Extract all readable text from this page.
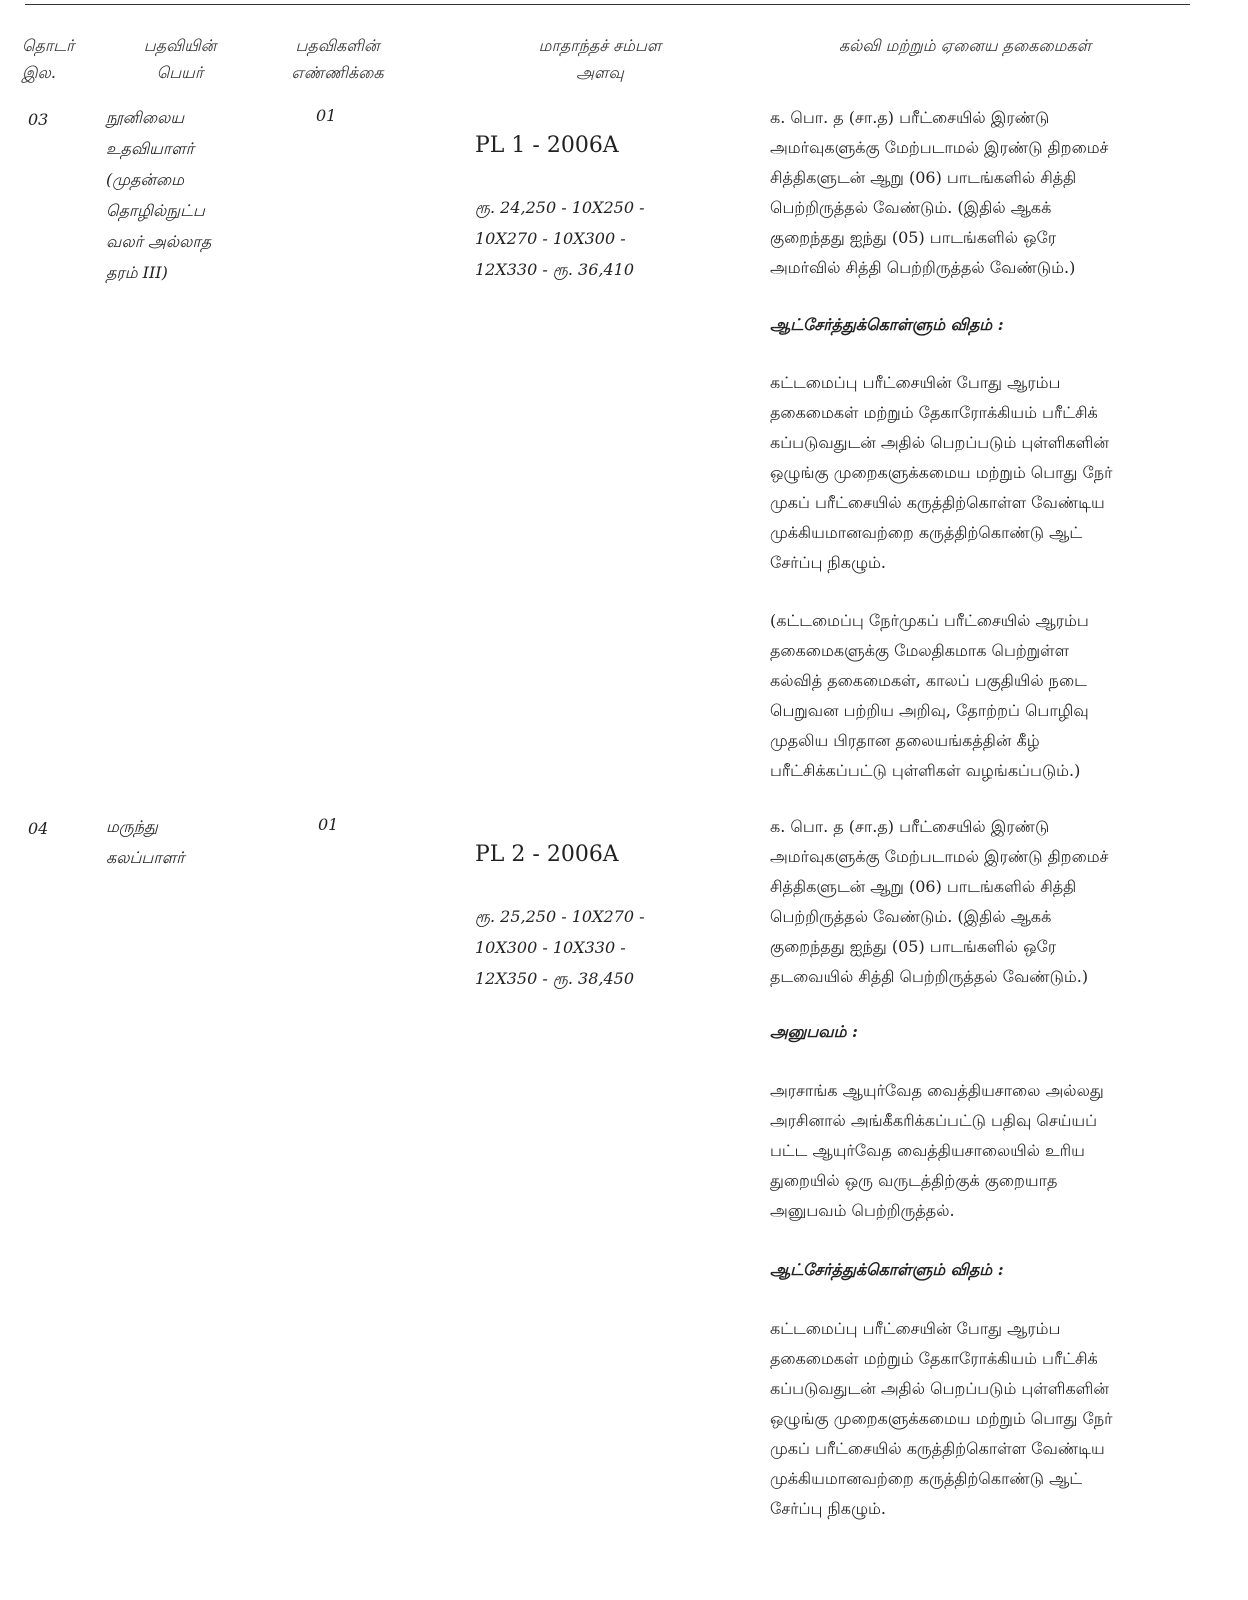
தொடர்
இல.
பதவியின்
பெயர்
பதவிகளின்
எண்ணிக்கை
மாதாந்தச் சம்பள
அளவு
கல்வி மற்றும் ஏனைய தகைமைகள்
03	நூனிலைய
உதவியாளர்
(முதன்மை
தொழில்நுட்ப
வலர் அல்லாத
தரம் III)
01

PL 1 - 2006A

ரூ. 24,250 - 10X250 -
10X270 - 10X300 -
12X330 - ரூ. 36,410

க. பொ. த (சா.த) பரீட்சையில் இரண்டு
அமர்வுகளுக்கு மேற்படாமல் இரண்டு திறமைச்
சித்திகளுடன் ஆறு (06) பாடங்களில் சித்தி
பெற்றிருத்தல் வேண்டும். (இதில் ஆகக்
குறைந்தது ஐந்து (05) பாடங்களில் ஒரே
அமர்வில் சித்தி பெற்றிருத்தல் வேண்டும்.)
ஆட்சேர்த்துக்கொள்ளும் விதம் :
கட்டமைப்பு பரீட்சையின் போது ஆரம்ப
தகைமைகள் மற்றும் தேகாரோக்கியம் பரீட்சிக்
கப்படுவதுடன் அதில் பெறப்படும் புள்ளிகளின்
ஒழுங்கு முறைகளுக்கமைய மற்றும் பொது நேர்
முகப் பரீட்சையில் கருத்திற்கொள்ள வேண்டிய
முக்கியமானவற்றை கருத்திற்கொண்டு ஆட்
சேர்ப்பு நிகழும்.
(கட்டமைப்பு நேர்முகப் பரீட்சையில் ஆரம்ப
தகைமைகளுக்கு மேலதிகமாக பெற்றுள்ள
கல்வித் தகைமைகள், காலப் பகுதியில் நடை
பெறுவன பற்றிய அறிவு, தோற்றப் பொழிவு
முதலிய பிரதான தலையங்கத்தின் கீழ்
பரீட்சிக்கப்பட்டு புள்ளிகள் வழங்கப்படும்.)
04	மருந்து
கலப்பாளர்
01

PL 2 - 2006A

ரூ. 25,250 - 10X270 -
10X300 - 10X330 -
12X350 - ரூ. 38,450

க. பொ. த (சா.த) பரீட்சையில் இரண்டு
அமர்வுகளுக்கு மேற்படாமல் இரண்டு திறமைச்
சித்திகளுடன் ஆறு (06) பாடங்களில் சித்தி
பெற்றிருத்தல் வேண்டும். (இதில் ஆகக்
குறைந்தது ஐந்து (05) பாடங்களில் ஒரே
தடவையில் சித்தி பெற்றிருத்தல் வேண்டும்.)
அனுபவம் :
அரசாங்க ஆயுர்வேத வைத்தியசாலை அல்லது
அரசினால் அங்கீகரிக்கப்பட்டு பதிவு செய்யப்
பட்ட ஆயுர்வேத வைத்தியசாலையில் உரிய
துறையில் ஒரு வருடத்திற்குக் குறையாத
அனுபவம் பெற்றிருத்தல்.
ஆட்சேர்த்துக்கொள்ளும் விதம் :
கட்டமைப்பு பரீட்சையின் போது ஆரம்ப
தகைமைகள் மற்றும் தேகாரோக்கியம் பரீட்சிக்
கப்படுவதுடன் அதில் பெறப்படும் புள்ளிகளின்
ஒழுங்கு முறைகளுக்கமைய மற்றும் பொது நேர்
முகப் பரீட்சையில் கருத்திற்கொள்ள வேண்டிய
முக்கியமானவற்றை கருத்திற்கொண்டு ஆட்
சேர்ப்பு நிகழும்.
